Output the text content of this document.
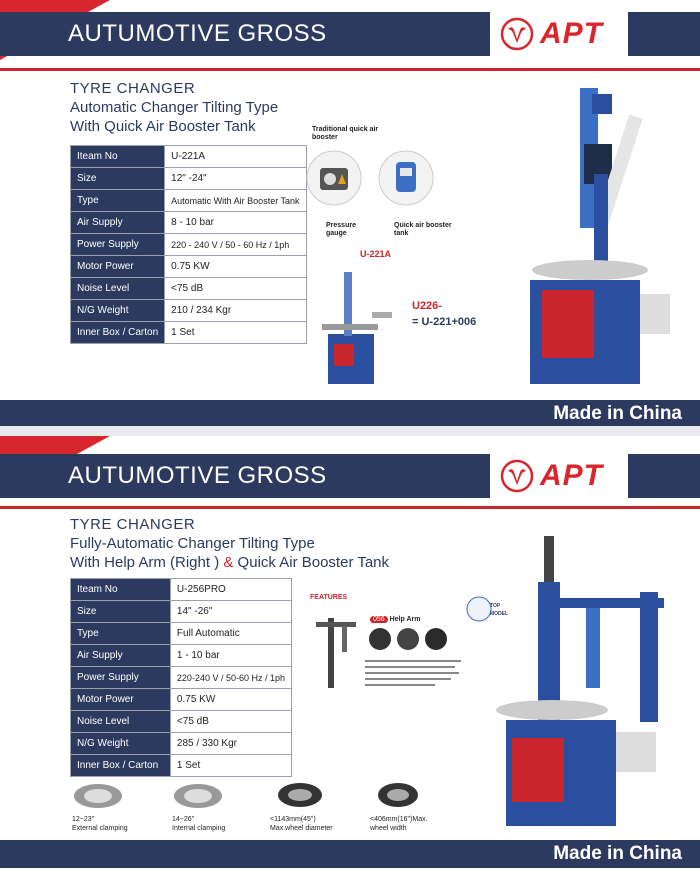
AUTUMOTIVE GROSS	APT
TYRE CHANGER
Automatic Changer Tilting Type
With Quick Air Booster Tank
Iteam No	U-221A
Size	12" -24"
Type	Automatic With Air Booster Tank
Air Supply	8 - 10 bar
Power Supply	220 - 240 V / 50 - 60 Hz / 1ph
Motor Power	0.75 KW
Noise Level	<75 dB
N/G Weight	210 / 234 Kgr
Inner Box / Carton	1 Set
Traditional quick air booster
Pressure gauge
Quick air booster tank
U-221A
U226-
= U-221+006
Made in China
AUTUMOTIVE GROSS	APT
TYRE CHANGER
Fully-Automatic Changer Tilting Type
With Help Arm (Right ) & Quick Air Booster Tank
Iteam No	U-256PRO
Size	14" -26"
Type	Full Automatic
Air Supply	1 - 10 bar
Power Supply	220-240 V / 50-60 Hz / 1ph
Motor Power	0.75 KW
Noise Level	<75 dB
N/G Weight	285 / 330 Kgr
Inner Box / Carton	1 Set
FEATURES
056 Help Arm
TOP MODEL
12~23"
External clamping
14~26"
Internal clamping
<1143mm(45")
Max.wheel diameter
<406mm(16")Max.
wheel width
Made in China
